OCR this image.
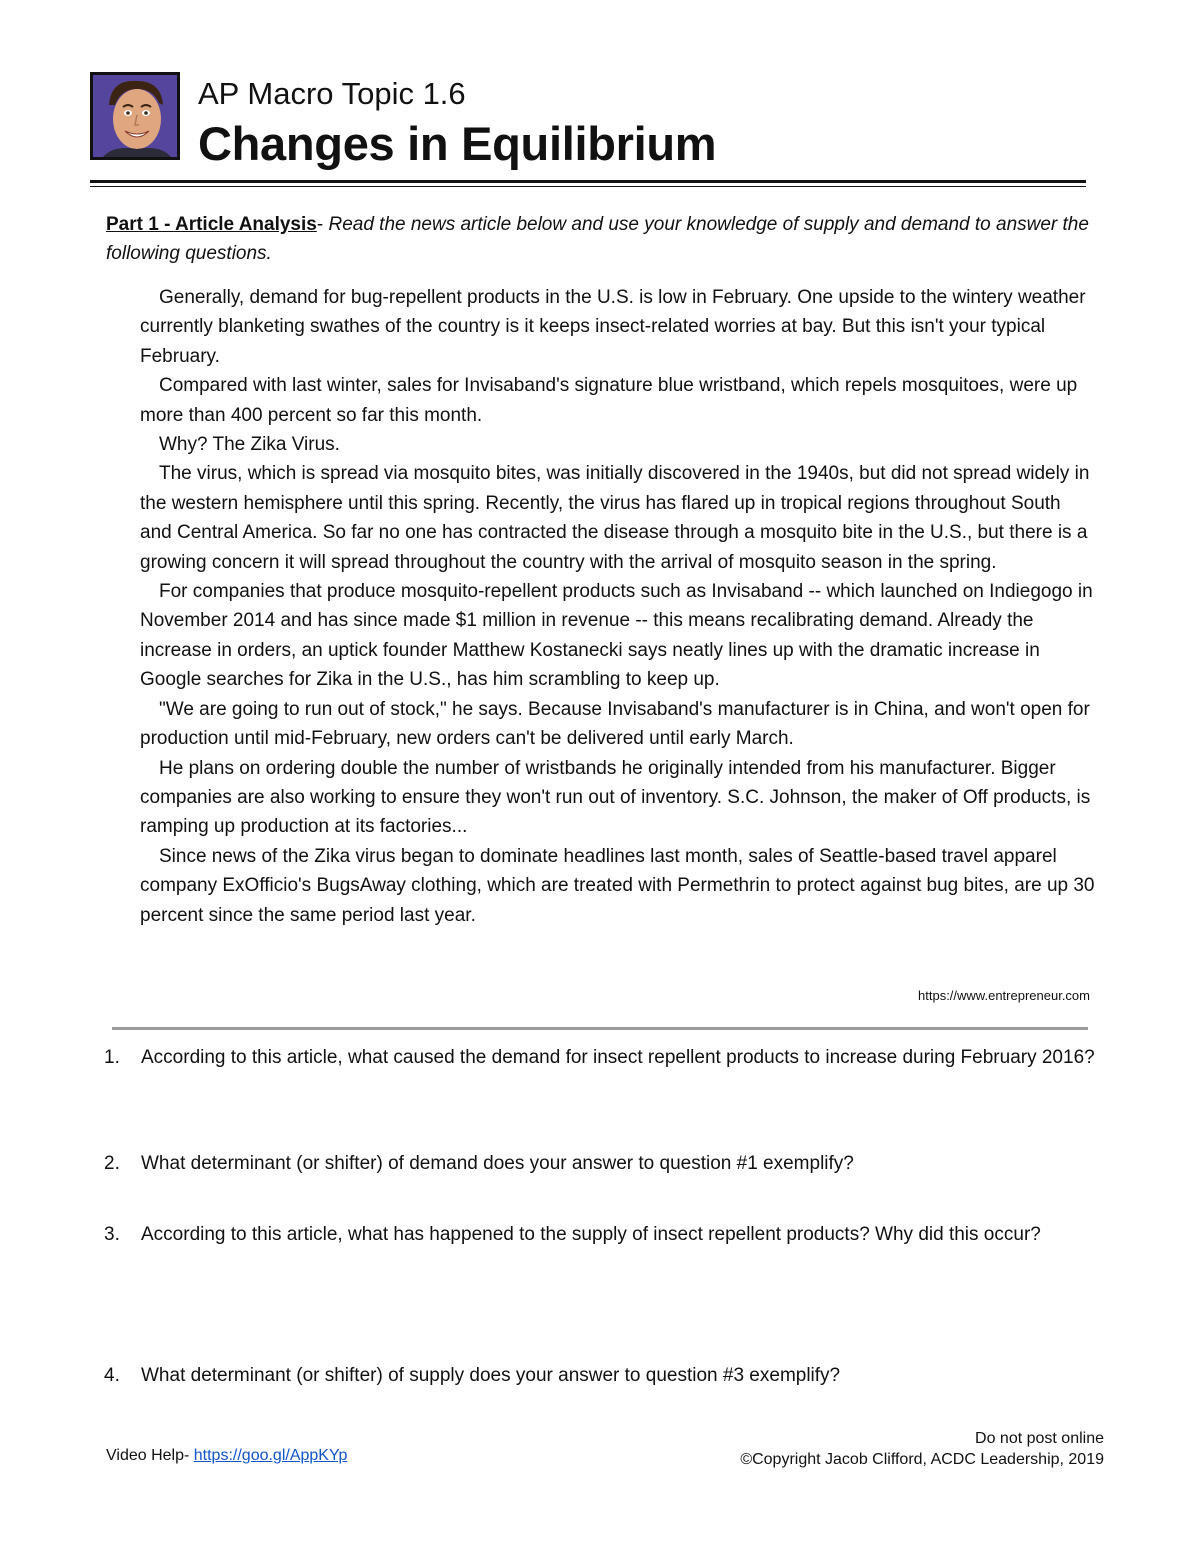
AP Macro Topic 1.6
Changes in Equilibrium
Part 1 - Article Analysis- Read the news article below and use your knowledge of supply and demand to answer the following questions.

Generally, demand for bug-repellent products in the U.S. is low in February. One upside to the wintery weather currently blanketing swathes of the country is it keeps insect-related worries at bay. But this isn't your typical February.

Compared with last winter, sales for Invisaband's signature blue wristband, which repels mosquitoes, were up more than 400 percent so far this month.

Why? The Zika Virus.

The virus, which is spread via mosquito bites, was initially discovered in the 1940s, but did not spread widely in the western hemisphere until this spring. Recently, the virus has flared up in tropical regions throughout South and Central America. So far no one has contracted the disease through a mosquito bite in the U.S., but there is a growing concern it will spread throughout the country with the arrival of mosquito season in the spring.

For companies that produce mosquito-repellent products such as Invisaband -- which launched on Indiegogo in November 2014 and has since made $1 million in revenue -- this means recalibrating demand. Already the increase in orders, an uptick founder Matthew Kostanecki says neatly lines up with the dramatic increase in Google searches for Zika in the U.S., has him scrambling to keep up.

"We are going to run out of stock," he says. Because Invisaband's manufacturer is in China, and won't open for production until mid-February, new orders can't be delivered until early March.

He plans on ordering double the number of wristbands he originally intended from his manufacturer. Bigger companies are also working to ensure they won't run out of inventory. S.C. Johnson, the maker of Off products, is ramping up production at its factories...

Since news of the Zika virus began to dominate headlines last month, sales of Seattle-based travel apparel company ExOfficio's BugsAway clothing, which are treated with Permethrin to protect against bug bites, are up 30 percent since the same period last year.

https://www.entrepreneur.com
1.	According to this article, what caused the demand for insect repellent products to increase during February 2016?
2.	What determinant (or shifter) of demand does your answer to question #1 exemplify?
3.	According to this article, what has happened to the supply of insect repellent products? Why did this occur?
4.	What determinant (or shifter) of supply does your answer to question #3 exemplify?
Video Help- https://goo.gl/AppKYp
Do not post online
©Copyright Jacob Clifford, ACDC Leadership, 2019
